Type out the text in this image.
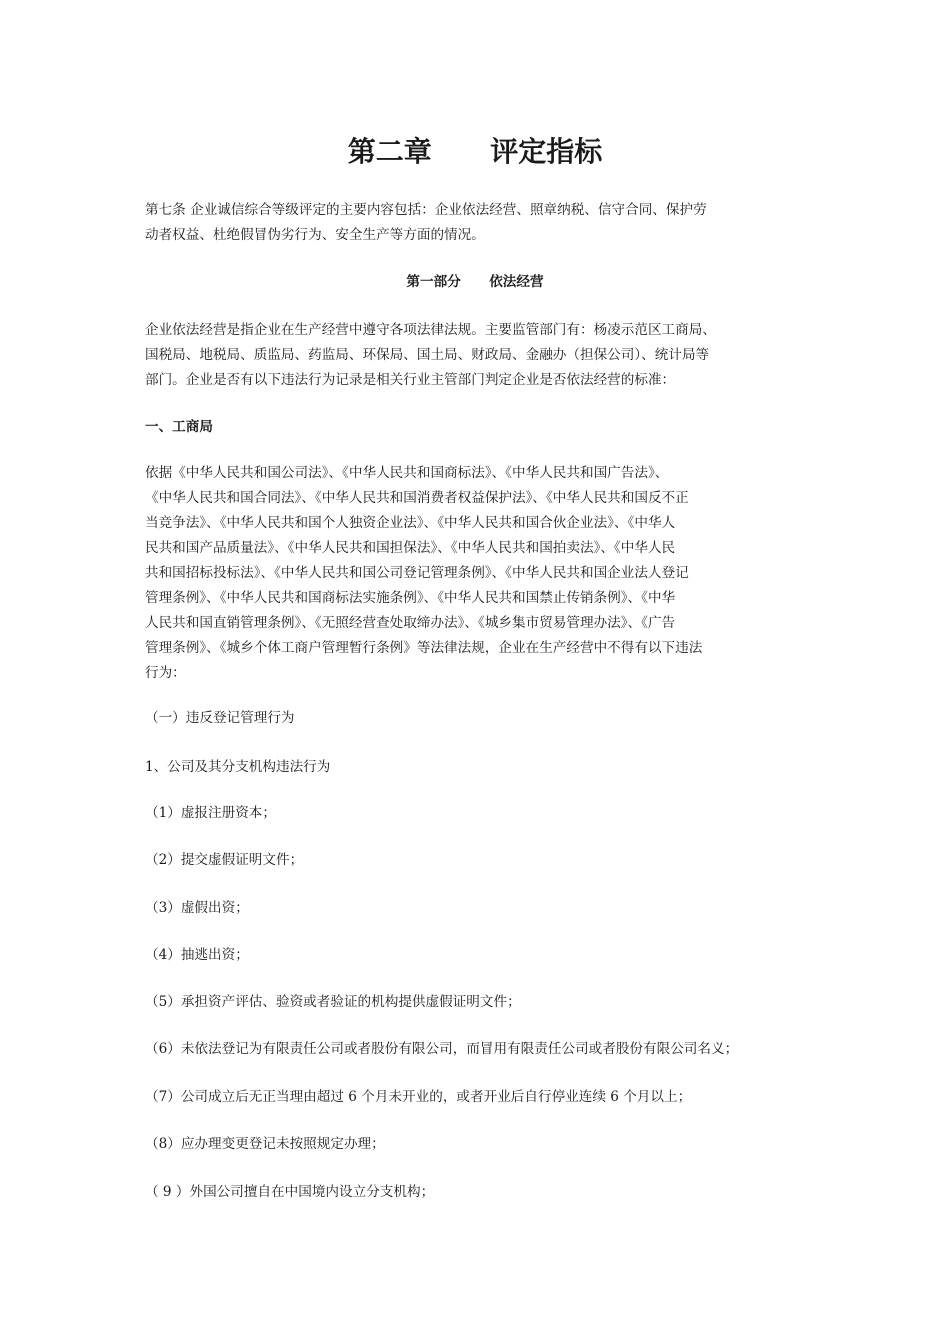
第二章      评定指标
第七条 企业诚信综合等级评定的主要内容包括：企业依法经营、照章纳税、信守合同、保护劳
动者权益、杜绝假冒伪劣行为、安全生产等方面的情况。
第一部分      依法经营
企业依法经营是指企业在生产经营中遵守各项法律法规。主要监管部门有：杨凌示范区工商局、
国税局、地税局、质监局、药监局、环保局、国土局、财政局、金融办（担保公司）、统计局等
部门。企业是否有以下违法行为记录是相关行业主管部门判定企业是否依法经营的标准：
一、工商局
依据《中华人民共和国公司法》、《中华人民共和国商标法》、《中华人民共和国广告法》、
《中华人民共和国合同法》、《中华人民共和国消费者权益保护法》、《中华人民共和国反不正
当竞争法》、《中华人民共和国个人独资企业法》、《中华人民共和国合伙企业法》、《中华人
民共和国产品质量法》、《中华人民共和国担保法》、《中华人民共和国拍卖法》、《中华人民
共和国招标投标法》、《中华人民共和国公司登记管理条例》、《中华人民共和国企业法人登记
管理条例》、《中华人民共和国商标法实施条例》、《中华人民共和国禁止传销条例》、《中华
人民共和国直销管理条例》、《无照经营查处取缔办法》、《城乡集市贸易管理办法》、《广告
管理条例》、《城乡个体工商户管理暂行条例》等法律法规，企业在生产经营中不得有以下违法
行为：
（一）违反登记管理行为
1、公司及其分支机构违法行为
（1）虚报注册资本；
（2）提交虚假证明文件；
（3）虚假出资；
（4）抽逃出资；
（5）承担资产评估、验资或者验证的机构提供虚假证明文件；
（6）未依法登记为有限责任公司或者股份有限公司，而冒用有限责任公司或者股份有限公司名义；
（7）公司成立后无正当理由超过 6 个月未开业的，或者开业后自行停业连续 6 个月以上；
（8）应办理变更登记未按照规定办理；
（ 9 ）外国公司擅自在中国境内设立分支机构；
